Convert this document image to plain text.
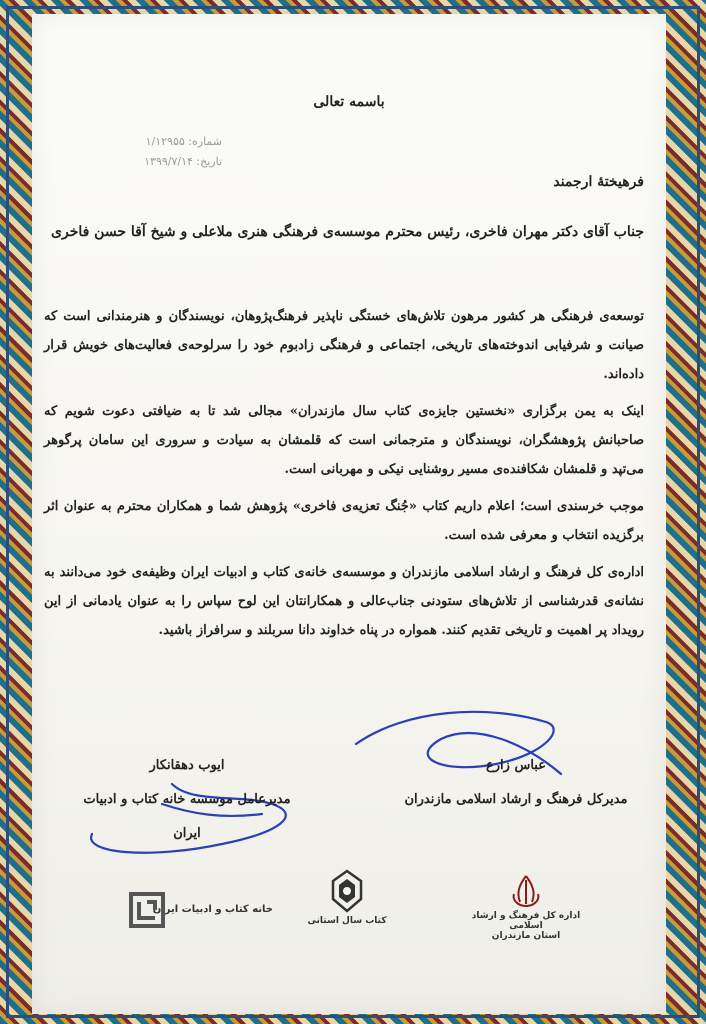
باسمه تعالی
شماره: ۱/۱۲۹۵۵
تاریخ: ۱۳۹۹/۷/۱۴
فرهیختهٔ ارجمند
جناب آقای دکتر مهران فاخری، رئیس محترم موسسه‌ی فرهنگی هنری ملاعلی و شیخ آقا حسن فاخری

توسعه‌ی فرهنگی هر کشور مرهون تلاش‌های خستگی ناپذیر فرهنگ‌پژوهان، نویسندگان و هنرمندانی است که صیانت و شرفیابی اندوخته‌های تاریخی، اجتماعی و فرهنگی زادبوم خود را سرلوحه‌ی فعالیت‌های خویش قرار داده‌اند.

اینک به یمن برگزاری «نخستین جایزه‌ی کتاب سال مازندران» مجالی شد تا به ضیافتی دعوت شویم که صاحبانش پژوهشگران، نویسندگان و مترجمانی است که قلمشان به سیادت و سروری این سامان پرگوهر می‌تپد و قلمشان شکافنده‌ی مسیر روشنایی نیکی و مهربانی است.

موجب خرسندی است؛ اعلام داریم کتاب «جُنگ تعزیه‌ی فاخری» پژوهش شما و همکاران محترم به عنوان اثر برگزیده انتخاب و معرفی شده است.

اداره‌ی کل فرهنگ و ارشاد اسلامی مازندران و موسسه‌ی خانه‌ی کتاب و ادبیات ایران وظیفه‌ی خود می‌دانند به نشانه‌ی قدرشناسی از تلاش‌های ستودنی جناب‌عالی و همکارانتان این لوح سپاس را به عنوان یادمانی از این رویداد پر اهمیت و تاریخی تقدیم کنند. همواره در پناه خداوند دانا سربلند و سرافراز باشید.

عباس زارع
مدیرکل فرهنگ و ارشاد اسلامی مازندران
ایوب دهقانکار
مدیرعامل موسسه خانه کتاب و ادبیات ایران
اداره کل فرهنگ و ارشاد اسلامی
استان مازندران
کتاب سال استانی
خانه کتاب و ادبیات ایران
